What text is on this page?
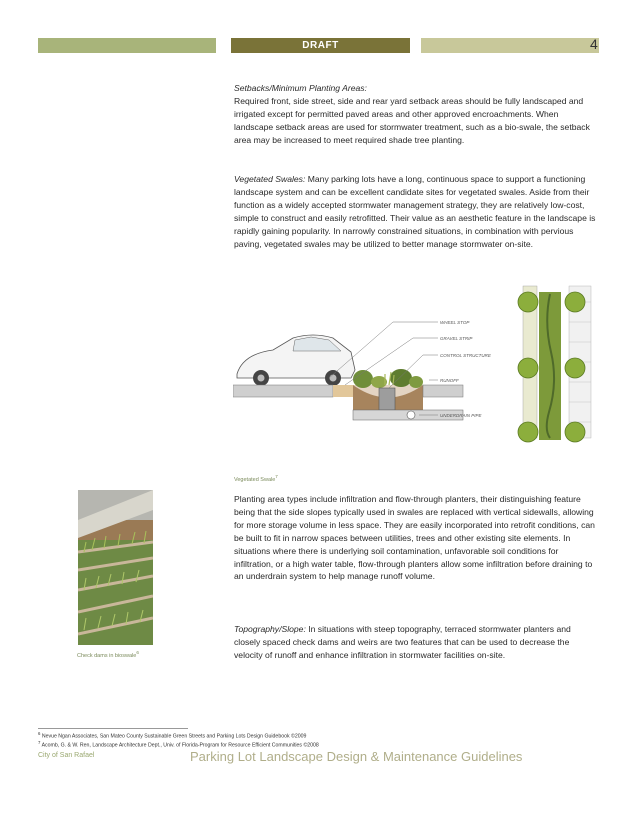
DRAFT	4

Setbacks/Minimum Planting Areas:

Required front, side street, side and rear yard setback areas should be fully landscaped and irrigated except for permitted paved areas and other approved encroachments. When landscape setback areas are used for stormwater treatment, such as a bio-swale, the setback area may be increased to meet required shade tree planting.

Vegetated Swales: Many parking lots have a long, continuous space to support a functioning landscape system and can be excellent candidate sites for vegetated swales. Aside from their function as a widely accepted stormwater management strategy, they are relatively low-cost, simple to construct and easily retrofitted. Their value as an aesthetic feature in the landscape is rapidly gaining popularity. In narrowly constrained situations, in combination with pervious paving, vegetated swales may be utilized to better manage stormwater on-site.

WHEEL STOP
GRAVEL STRIP
CONTROL STRUCTURE
RUNOFF
UNDERDRAIN PIPE
Vegetated Swale$^7$
Check dams in bioswale$^6$

Planting area types include infiltration and flow-through planters, their distinguishing feature being that the side slopes typically used in swales are replaced with vertical sidewalls, allowing for more storage volume in less space. They are easily incorporated into retrofit conditions, can be built to fit in narrow spaces between utilities, trees and other existing site elements. In situations where there is underlying soil contamination, unfavorable soil conditions for infiltration, or a high water table, flow-through planters allow some infiltration before draining to an underdrain system to help manage runoff volume.

Topography/Slope: In situations with steep topography, terraced stormwater planters and closely spaced check dams and weirs are two features that can be used to decrease the velocity of runoff and enhance infiltration in stormwater facilities on-site.

$^6$ Nevue Ngan Associates, San Mateo County Sustainable Green Streets and Parking Lots Design Guidebook ©2009
$^7$ Acomb, G. & W. Ren, Landscape Architecture Dept., Univ. of Florida-Program for Resource Efficient Communities ©2008
City of San Rafael	Parking Lot Landscape Design & Maintenance Guidelines
